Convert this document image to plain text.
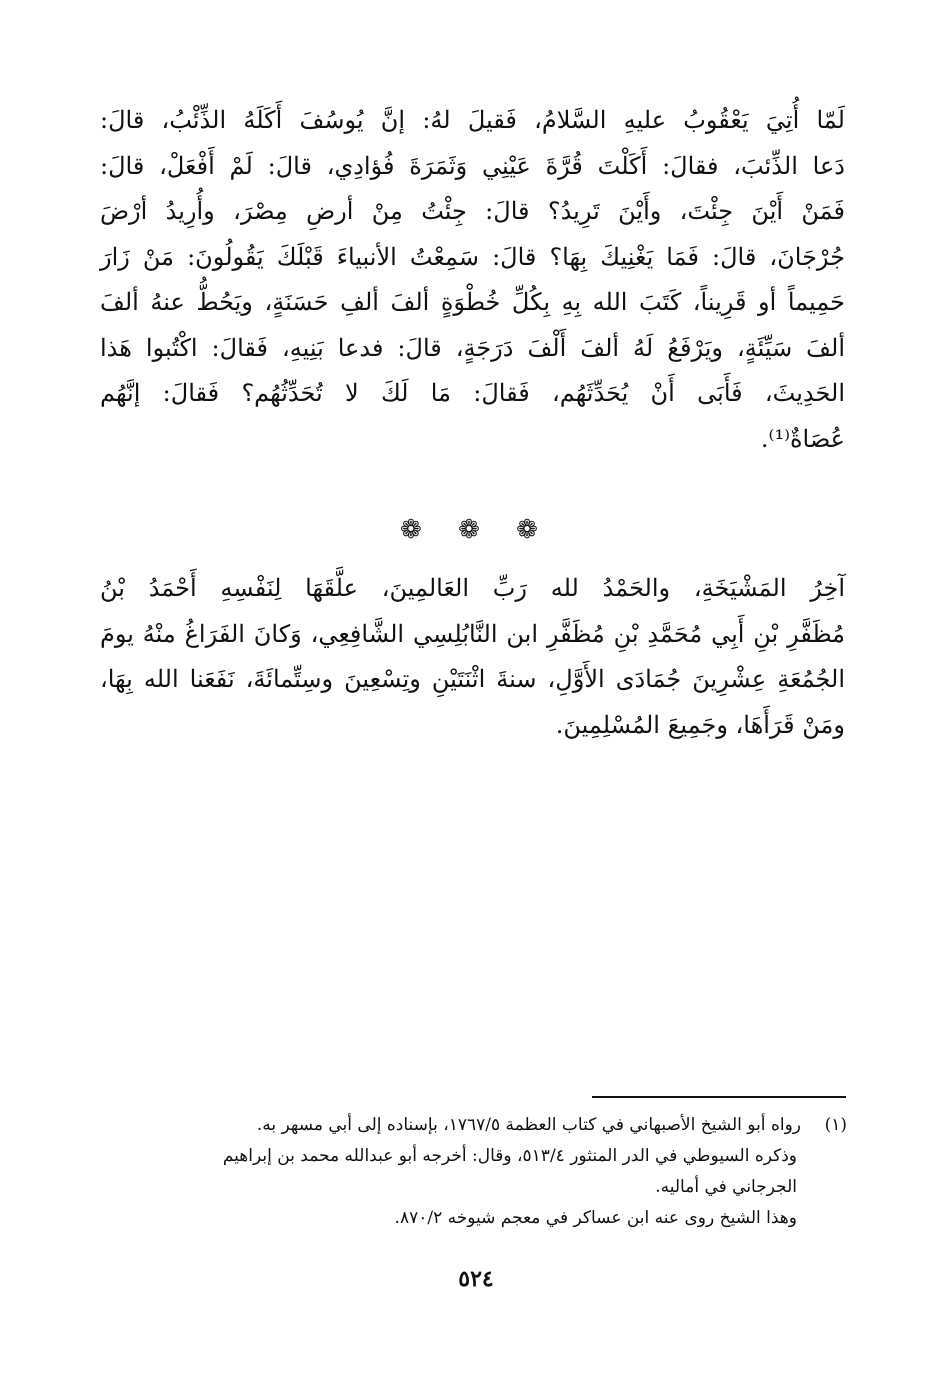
لَمّا أُتِيَ يَعْقُوبُ عليهِ السَّلامُ، فَقيلَ لهُ: إنَّ يُوسُفَ أَكَلَهُ الذِّئْبُ، قالَ:
دَعا الذِّئبَ، فقالَ: أَكَلْتَ قُرَّةَ عَيْنِي وَثَمَرَةَ فُؤادِي، قالَ: لَمْ أَفْعَلْ، قالَ:
فَمَنْ أَيْنَ جِئْتَ، وأَيْنَ تَرِيدُ؟ قالَ: جِئْتُ مِنْ أرضِ مِصْرَ، وأُرِيدُ أرْضَ
جُرْجَانَ، قالَ: فَمَا يَغْنِيكَ بِهَا؟ قالَ: سَمِعْتُ الأنبياءَ قَبْلَكَ يَقُولُونَ: مَنْ زَارَ
حَمِيماً أو قَرِيناً، كَتَبَ الله بِهِ بِكُلِّ خُطْوَةٍ ألفَ ألفِ حَسَنَةٍ، ويَحُطُّ عنهُ ألفَ
ألفَ سَيِّئَةٍ، ويَرْفَعُ لَهُ ألفَ أَلْفَ دَرَجَةٍ، قالَ: فدعا بَنِيهِ، فَقالَ: اكْتُبوا هَذا
الحَدِيثَ، فَأَبَى أَنْ يُحَدِّثَهُم، فَقالَ: مَا لَكَ لا تُحَدِّثُهُم؟ فَقالَ: إنَّهُم
عُصَاةٌ⁽¹⁾.
❁ ❁ ❁
آخِرُ المَشْيَخَةِ، والحَمْدُ لله رَبِّ العَالمِينَ، علَّقَهَا لِنَفْسِهِ أَحْمَدُ بْنُ
مُظَفَّرِ بْنِ أَبِي مُحَمَّدِ بْنِ مُظَفَّرِ ابن النَّابُلِسِي الشَّافِعِي، وَكانَ الفَرَاغُ منْهُ يومَ
الجُمُعَةِ عِشْرِينَ جُمَادَى الأَوَّلِ، سنةَ اثْنَتَيْنِ وتِسْعِينَ وسِتِّمائَةَ، نَفَعَنا الله بِهَا،
ومَنْ قَرَأَهَا، وجَمِيعَ المُسْلِمِينَ.
(١)رواه أبو الشيخ الأصبهاني في كتاب العظمة ١٧٦٧/٥، بإسناده إلى أبي مسهر به.
وذكره السيوطي في الدر المنثور ٥١٣/٤، وقال: أخرجه أبو عبدالله محمد بن إبراهيم
الجرجاني في أماليه.
وهذا الشيخ روى عنه ابن عساكر في معجم شيوخه ٨٧٠/٢.
٥٢٤
